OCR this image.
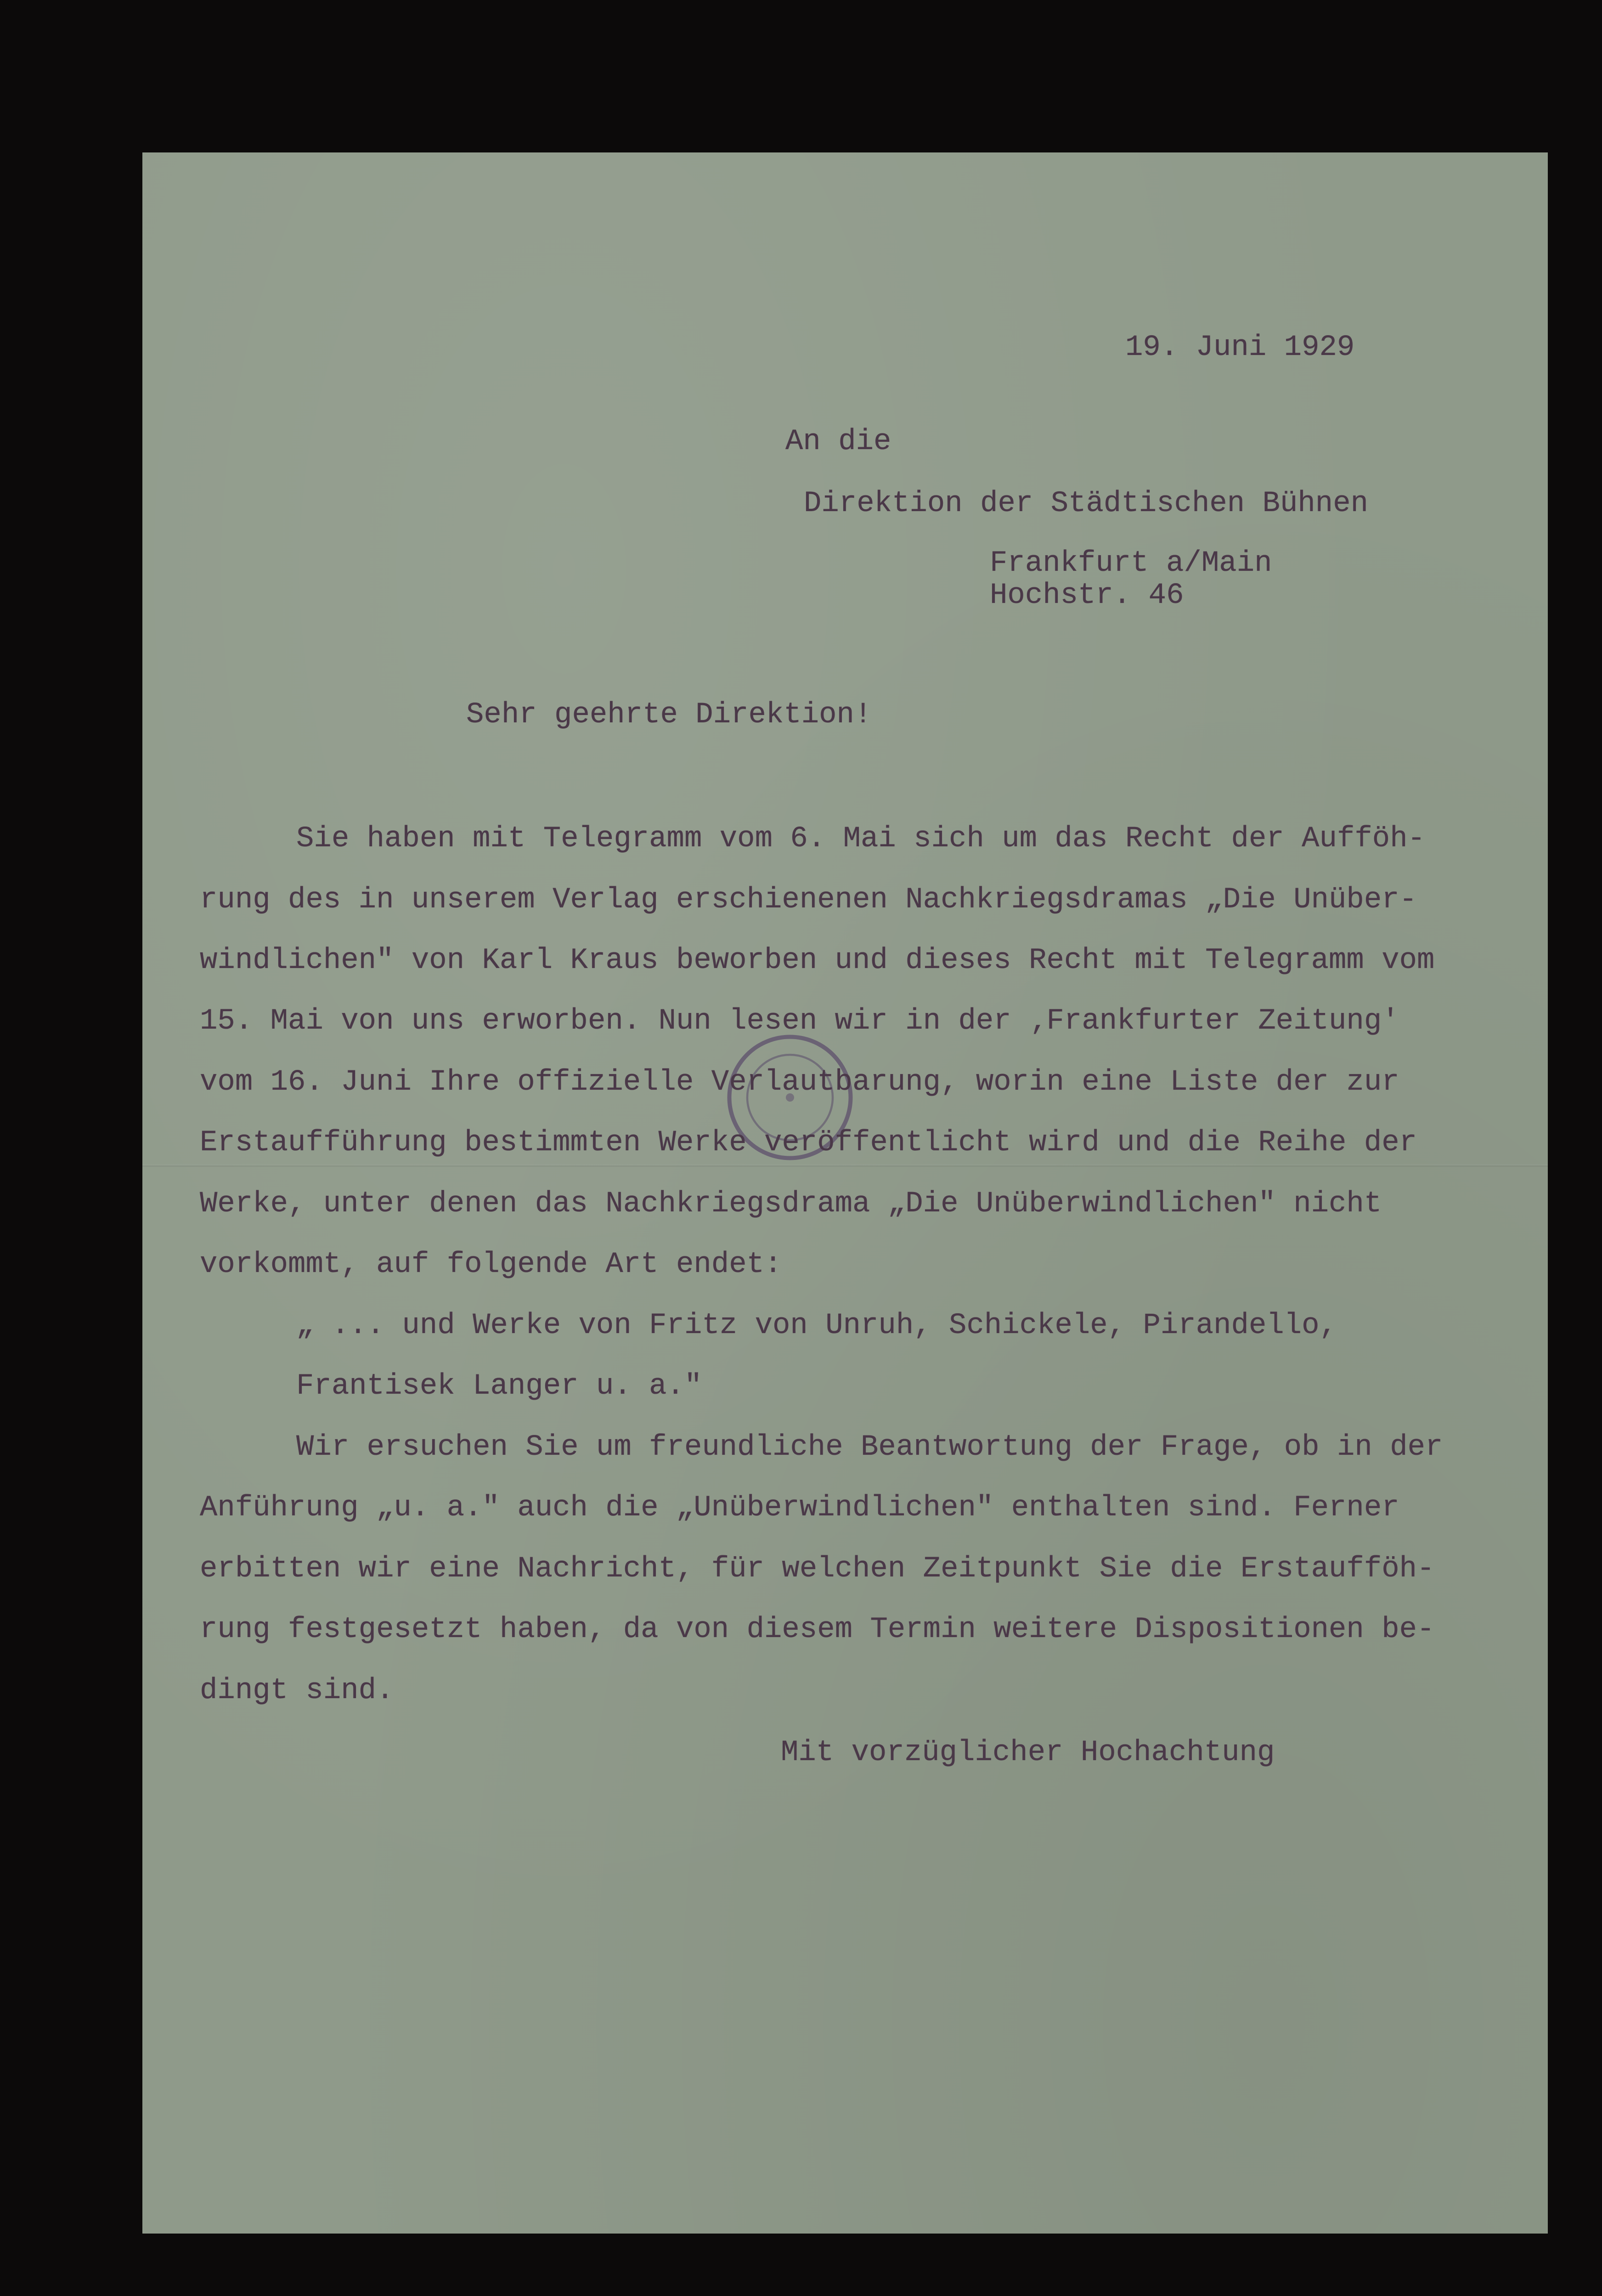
19. Juni 1929
An die
Direktion der Städtischen Bühnen
Frankfurt a/Main
Hochstr. 46
Sehr geehrte Direktion!
Sie haben mit Telegramm vom 6. Mai sich um das Recht der Aufföh-
rung des in unserem Verlag erschienenen Nachkriegsdramas „Die Unüber-
windlichen" von Karl Kraus beworben und dieses Recht mit Telegramm vom
15. Mai von uns erworben. Nun lesen wir in der ‚Frankfurter Zeitung'
vom 16. Juni Ihre offizielle Verlautbarung, worin eine Liste der zur
Erstaufführung bestimmten Werke veröffentlicht wird und die Reihe der
Werke, unter denen das Nachkriegsdrama „Die Unüberwindlichen" nicht
vorkommt, auf folgende Art endet:
„ ... und Werke von Fritz von Unruh, Schickele, Pirandello,
Frantisek Langer u. a."
Wir ersuchen Sie um freundliche Beantwortung der Frage, ob in der
Anführung „u. a." auch die „Unüberwindlichen" enthalten sind. Ferner
erbitten wir eine Nachricht, für welchen Zeitpunkt Sie die Erstaufföh-
rung festgesetzt haben, da von diesem Termin weitere Dispositionen be-
dingt sind.
Mit vorzüglicher Hochachtung
